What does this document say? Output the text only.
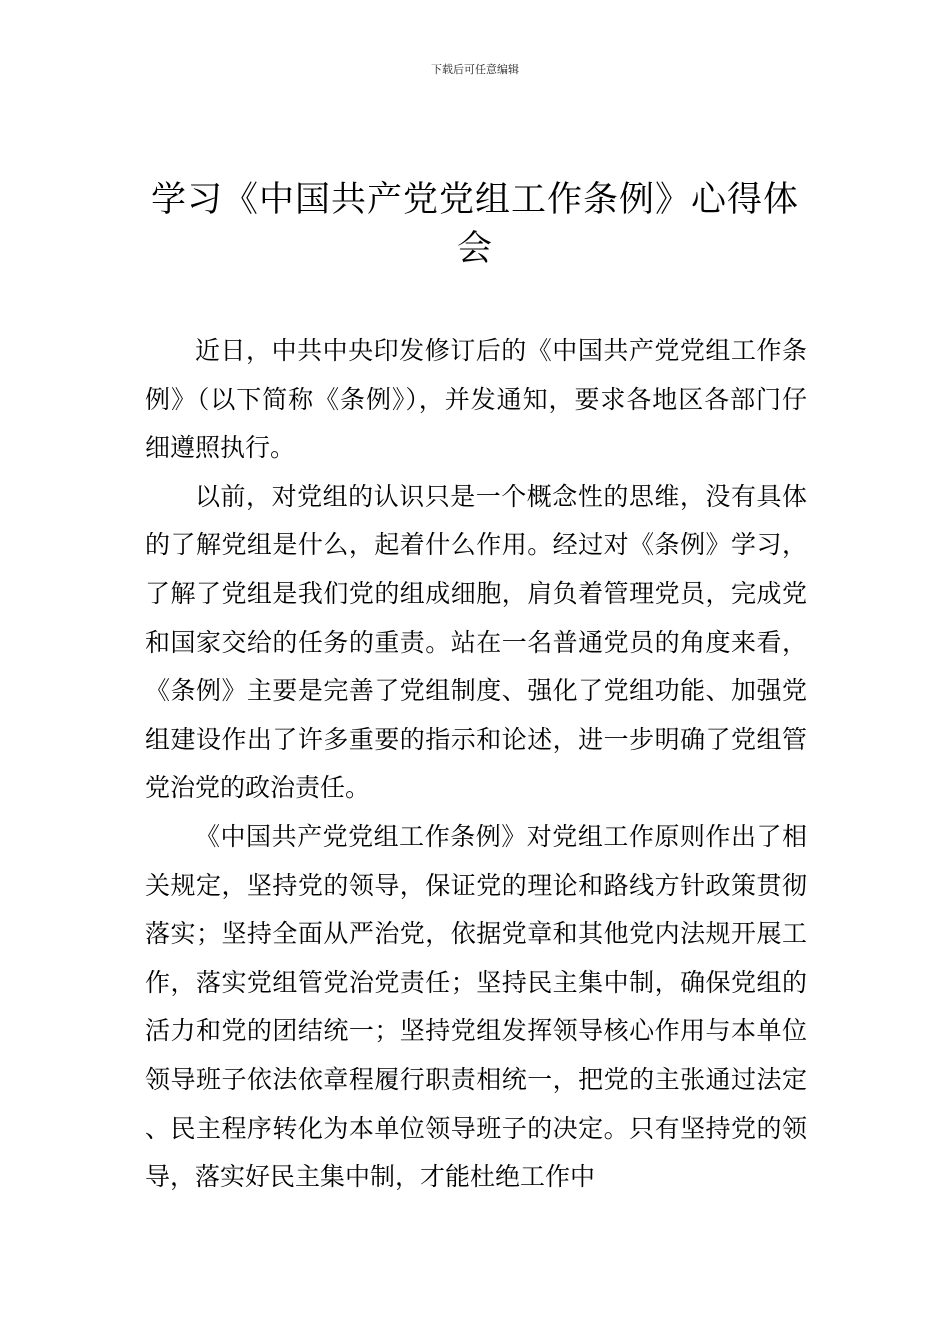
下载后可任意编辑
学习《中国共产党党组工作条例》心得体会

近日，中共中央印发修订后的《中国共产党党组工作条例》（以下简称《条例》），并发通知，要求各地区各部门仔细遵照执行。

以前，对党组的认识只是一个概念性的思维，没有具体的了解党组是什么，起着什么作用。经过对《条例》学习，了解了党组是我们党的组成细胞，肩负着管理党员，完成党和国家交给的任务的重责。站在一名普通党员的角度来看，《条例》主要是完善了党组制度、强化了党组功能、加强党组建设作出了许多重要的指示和论述，进一步明确了党组管党治党的政治责任。

《中国共产党党组工作条例》对党组工作原则作出了相关规定，坚持党的领导，保证党的理论和路线方针政策贯彻落实；坚持全面从严治党，依据党章和其他党内法规开展工作，落实党组管党治党责任；坚持民主集中制，确保党组的活力和党的团结统一；坚持党组发挥领导核心作用与本单位领导班子依法依章程履行职责相统一，把党的主张通过法定、民主程序转化为本单位领导班子的决定。只有坚持党的领导，落实好民主集中制，才能杜绝工作中
